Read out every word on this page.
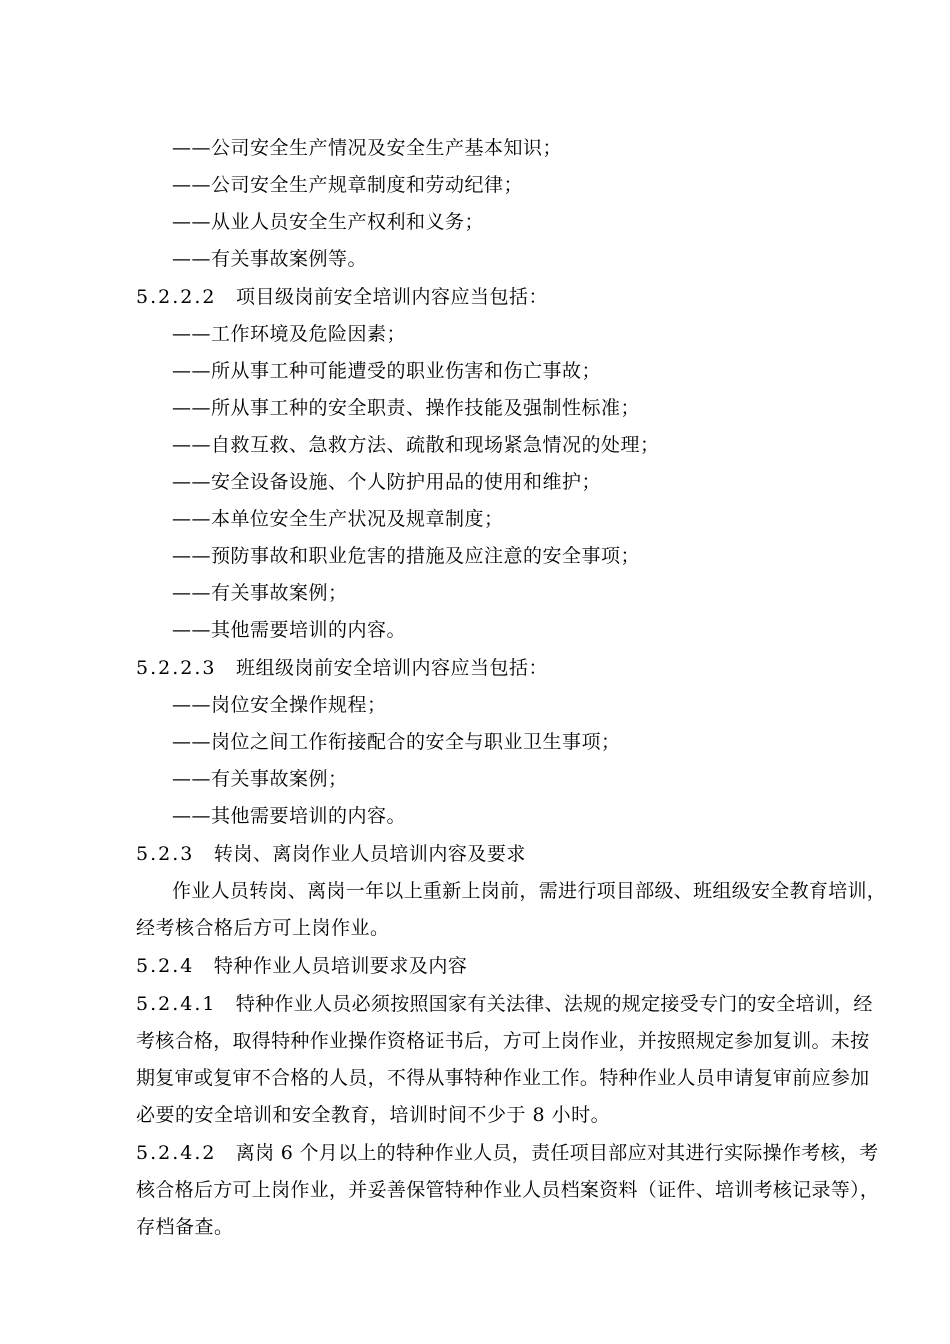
——公司安全生产情况及安全生产基本知识；
——公司安全生产规章制度和劳动纪律；
——从业人员安全生产权利和义务；
——有关事故案例等。
5.2.2.2  项目级岗前安全培训内容应当包括：
——工作环境及危险因素；
——所从事工种可能遭受的职业伤害和伤亡事故；
——所从事工种的安全职责、操作技能及强制性标准；
——自救互救、急救方法、疏散和现场紧急情况的处理；
——安全设备设施、个人防护用品的使用和维护；
——本单位安全生产状况及规章制度；
——预防事故和职业危害的措施及应注意的安全事项；
——有关事故案例；
——其他需要培训的内容。
5.2.2.3  班组级岗前安全培训内容应当包括：
——岗位安全操作规程；
——岗位之间工作衔接配合的安全与职业卫生事项；
——有关事故案例；
——其他需要培训的内容。
5.2.3  转岗、离岗作业人员培训内容及要求
作业人员转岗、离岗一年以上重新上岗前，需进行项目部级、班组级安全教育培训，
经考核合格后方可上岗作业。
5.2.4  特种作业人员培训要求及内容
5.2.4.1  特种作业人员必须按照国家有关法律、法规的规定接受专门的安全培训，经
考核合格，取得特种作业操作资格证书后，方可上岗作业，并按照规定参加复训。未按
期复审或复审不合格的人员，不得从事特种作业工作。特种作业人员申请复审前应参加
必要的安全培训和安全教育，培训时间不少于 8 小时。
5.2.4.2  离岗 6 个月以上的特种作业人员，责任项目部应对其进行实际操作考核，考
核合格后方可上岗作业，并妥善保管特种作业人员档案资料（证件、培训考核记录等），
存档备查。
